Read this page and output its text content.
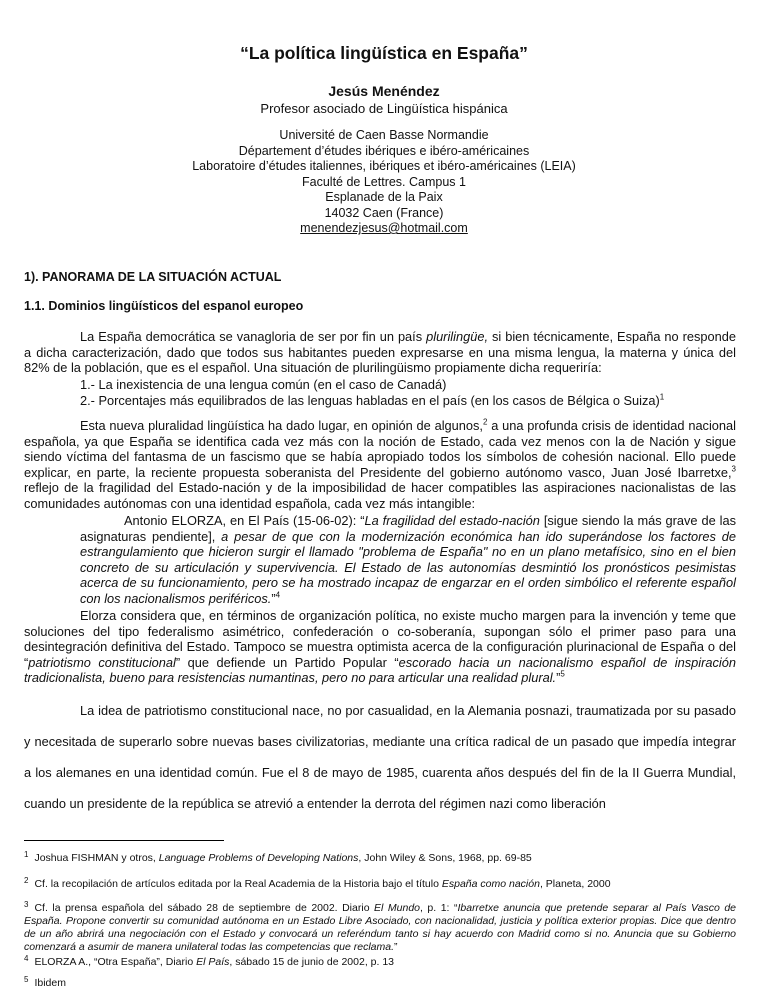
“La política lingüística en España”
Jesús Menéndez
Profesor asociado de Lingüística hispánica
Université de Caen Basse Normandie
Département d’études ibériques e ibéro-américaines
Laboratoire d’études italiennes, ibériques et ibéro-américaines (LEIA)
Faculté de Lettres. Campus 1
Esplanade de la Paix
14032 Caen (France)
menendezjesus@hotmail.com
1). PANORAMA DE LA SITUACIÓN ACTUAL
1.1. Dominios lingüísticos del espanol europeo
La España democrática se vanagloria de ser por fin un país plurilingüe, si bien técnicamente, España no responde a dicha caracterización, dado que todos sus habitantes pueden expresarse en una misma lengua, la materna y única del 82% de la población, que es el español. Una situación de plurilingüismo propiamente dicha requeriría:
1.- La inexistencia de una lengua común (en el caso de Canadá)
2.- Porcentajes más equilibrados de las lenguas habladas en el país (en los casos de Bélgica o Suiza)$^1$
Esta nueva pluralidad lingüística ha dado lugar, en opinión de algunos,$^2$ a una profunda crisis de identidad nacional española, ya que España se identifica cada vez más con la noción de Estado, cada vez menos con la de Nación y sigue siendo víctima del fantasma de un fascismo que se había apropiado todos los símbolos de cohesión nacional. Ello puede explicar, en parte, la reciente propuesta soberanista del Presidente del gobierno autónomo vasco, Juan José Ibarretxe,$^3$ reflejo de la fragilidad del Estado-nación y de la imposibilidad de hacer compatibles las aspiraciones nacionalistas de las comunidades autónomas con una identidad española, cada vez más intangible:
Antonio ELORZA, en El País (15-06-02): “La fragilidad del estado-nación [sigue siendo la más grave de las asignaturas pendiente], a pesar de que con la modernización económica han ido superándose los factores de estrangulamiento que hicieron surgir el llamado "problema de España" no en un plano metafísico, sino en el bien concreto de su articulación y supervivencia. El Estado de las autonomías desmintió los pronósticos pesimistas acerca de su funcionamiento, pero se ha mostrado incapaz de engarzar en el orden simbólico el referente español con los nacionalismos periféricos.”$^4$
Elorza considera que, en términos de organización política, no existe mucho margen para la invención y teme que soluciones del tipo federalismo asimétrico, confederación o co-soberanía, supongan sólo el primer paso para una desintegración definitiva del Estado. Tampoco se muestra optimista acerca de la configuración plurinacional de España o del “patriotismo constitucional” que defiende un Partido Popular “escorado hacia un nacionalismo español de inspiración tradicionalista, bueno para resistencias numantinas, pero no para articular una realidad plural.”$^5$
La idea de patriotismo constitucional nace, no por casualidad, en la Alemania posnazi, traumatizada por su pasado y necesitada de superarlo sobre nuevas bases civilizatorias, mediante una crítica radical de un pasado que impedía integrar a los alemanes en una identidad común. Fue el 8 de mayo de 1985, cuarenta años después del fin de la II Guerra Mundial, cuando un presidente de la república se atrevió a entender la derrota del régimen nazi como liberación
$^1$ Joshua FISHMAN y otros, Language Problems of Developing Nations, John Wiley & Sons, 1968, pp. 69-85
$^2$ Cf. la recopilación de artículos editada por la Real Academia de la Historia bajo el título España como nación, Planeta, 2000
$^3$ Cf. la prensa española del sábado 28 de septiembre de 2002. Diario El Mundo, p. 1: “Ibarretxe anuncia que pretende separar al País Vasco de España. Propone convertir su comunidad autónoma en un Estado Libre Asociado, con nacionalidad, justicia y política exterior propias. Dice que dentro de un año abrirá una negociación con el Estado y convocará un referéndum tanto si hay acuerdo con Madrid como si no. Anuncia que su Gobierno comenzará a asumir de manera unilateral todas las competencias que reclama.”
$^4$ ELORZA A., “Otra España”, Diario El País, sábado 15 de junio de 2002, p. 13
$^5$ Ibidem
